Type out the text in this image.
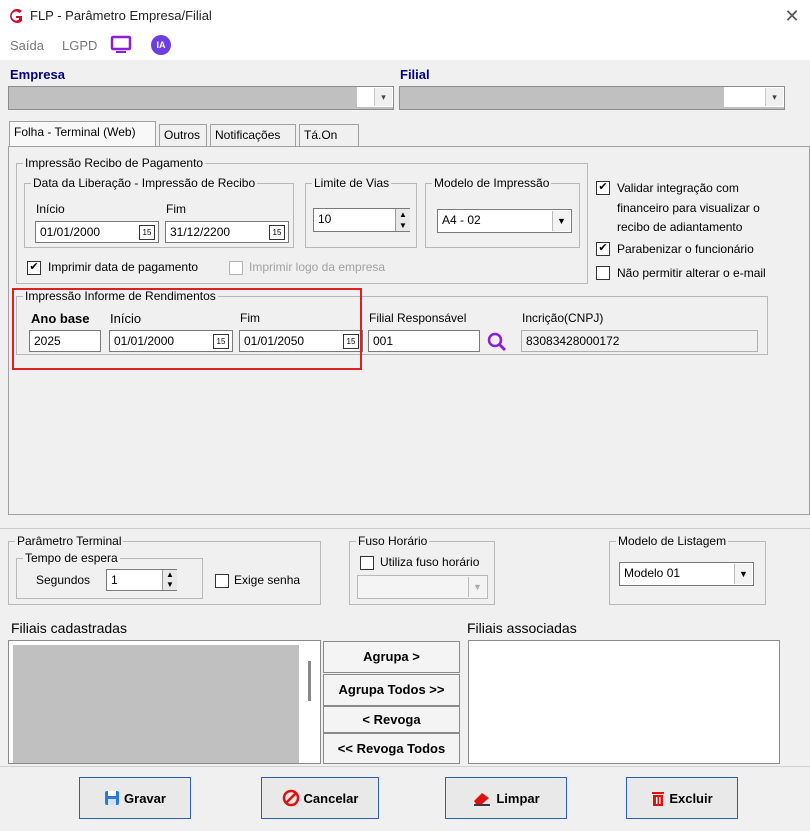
FLP - Parâmetro Empresa/Filial	✕
Saída LGPD	IA
Empresa
▾
Filial
▾
Folha - Terminal (Web)	Outros	Notificações	Tá.On
Impressão Recibo de Pagamento
Data da Liberação - Impressão de Recibo
Início	Fim
01/01/2000	15	31/12/2200	15
Limite de Vias
10	▲
▼
Modelo de Impressão
A4 - 02	▼
✔ Imprimir data de pagamento	Imprimir logo da empresa
✔ Validar integração com
financeiro para visualizar o
recibo de adiantamento
✔ Parabenizar o funcionário
Não permitir alterar o e-mail
Impressão Informe de Rendimentos
Ano base Início	Fim	Filial Responsável	Incrição(CNPJ)
2025	01/01/2000	15	01/01/2050	15	001	83083428000172
Parâmetro Terminal
Tempo de espera
Segundos	1	▲
▼	Exige senha
Fuso Horário
Utiliza fuso horário
▼
Modelo de Listagem
Modelo 01	▼
Filiais cadastradas	Filiais associadas
Agrupa >
Agrupa Todos >>
< Revoga
<< Revoga Todos
Gravar	Cancelar	Limpar	Excluir
